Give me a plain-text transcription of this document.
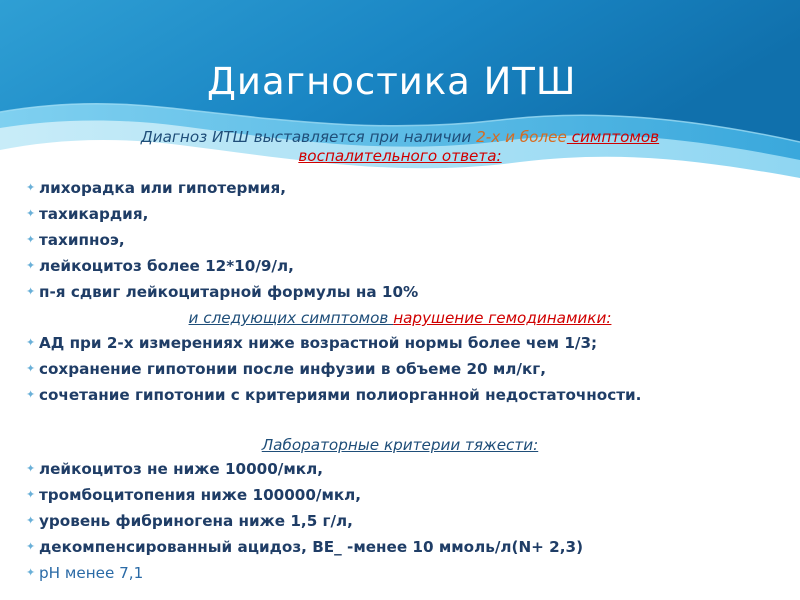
Диагностика ИТШ
Диагноз ИТШ выставляется при наличии 2-х и более симптомов
воспалительного ответа:
✦ лихорадка или гипотермия,
✦ тахикардия,
✦ тахипноэ,
✦ лейкоцитоз более 12*10/9/л,
✦ п-я сдвиг лейкоцитарной формулы на 10%
и следующих симптомов нарушение гемодинамики:
✦ АД при 2-х измерениях ниже возрастной нормы более чем 1/3;
✦ сохранение гипотонии после инфузии в объеме 20 мл/кг,
✦ сочетание гипотонии с критериями полиорганной недостаточности.
Лабораторные критерии тяжести:
✦ лейкоцитоз не ниже 10000/мкл,
✦ тромбоцитопения ниже 100000/мкл,
✦ уровень фибриногена ниже 1,5 г/л,
✦ декомпенсированный ацидоз, BE_ -менее 10 ммоль/л(N+ 2,3)
✦ pH менее 7,1
